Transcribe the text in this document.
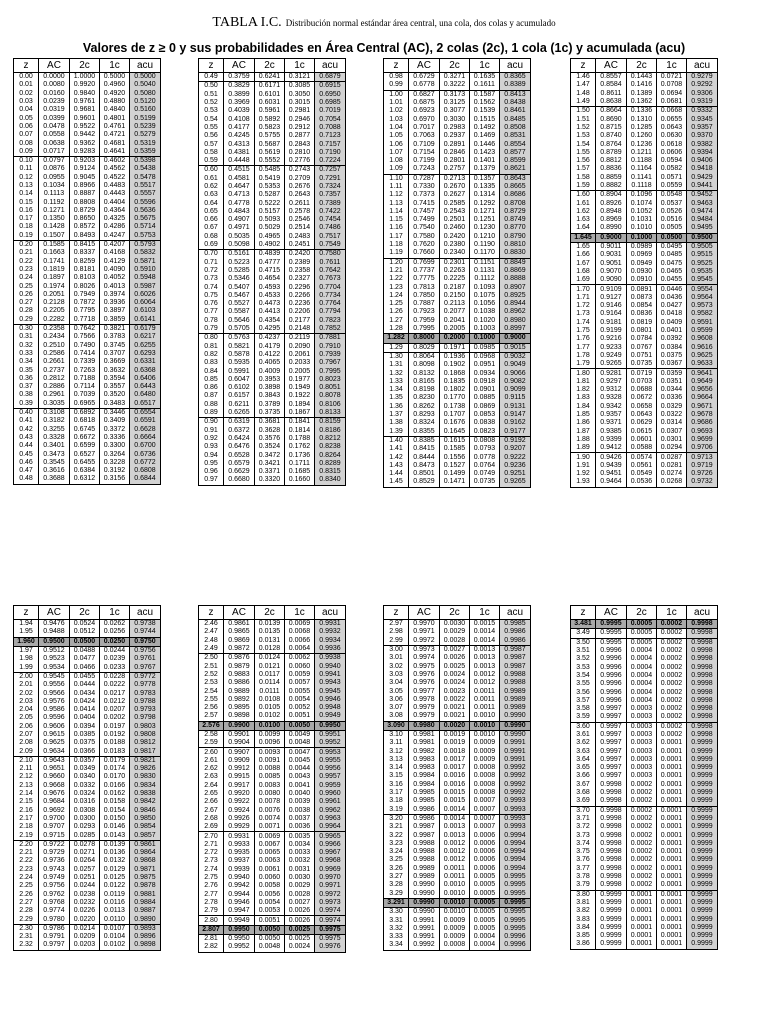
TABLA I.C. Distribución normal estándar área central, una cola, dos colas y acumulado
Valores de z ≥ 0 y sus probabilidades en Área Central (AC), 2 colas (2c), 1 cola (1c) y acumulada (acu)
z	AC	2c	1c	acu
0.00	0.0000	1.0000	0.5000	0.5000
0.01	0.0080	0.9920	0.4960	0.5040
0.02	0.0160	0.9840	0.4920	0.5080
0.03	0.0239	0.9761	0.4880	0.5120
0.04	0.0319	0.9681	0.4840	0.5160
0.05	0.0399	0.9601	0.4801	0.5199
0.06	0.0478	0.9522	0.4761	0.5239
0.07	0.0558	0.9442	0.4721	0.5279
0.08	0.0638	0.9362	0.4681	0.5319
0.09	0.0717	0.9283	0.4641	0.5359
0.10	0.0797	0.9203	0.4602	0.5398
0.11	0.0876	0.9124	0.4562	0.5438
0.12	0.0955	0.9045	0.4522	0.5478
0.13	0.1034	0.8966	0.4483	0.5517
0.14	0.1113	0.8887	0.4443	0.5557
0.15	0.1192	0.8808	0.4404	0.5596
0.16	0.1271	0.8729	0.4364	0.5636
0.17	0.1350	0.8650	0.4325	0.5675
0.18	0.1428	0.8572	0.4286	0.5714
0.19	0.1507	0.8493	0.4247	0.5753
0.20	0.1585	0.8415	0.4207	0.5793
0.21	0.1663	0.8337	0.4168	0.5832
0.22	0.1741	0.8259	0.4129	0.5871
0.23	0.1819	0.8181	0.4090	0.5910
0.24	0.1897	0.8103	0.4052	0.5948
0.25	0.1974	0.8026	0.4013	0.5987
0.26	0.2051	0.7949	0.3974	0.6026
0.27	0.2128	0.7872	0.3936	0.6064
0.28	0.2205	0.7795	0.3897	0.6103
0.29	0.2282	0.7718	0.3859	0.6141
0.30	0.2358	0.7642	0.3821	0.6179
0.31	0.2434	0.7566	0.3783	0.6217
0.32	0.2510	0.7490	0.3745	0.6255
0.33	0.2586	0.7414	0.3707	0.6293
0.34	0.2661	0.7339	0.3669	0.6331
0.35	0.2737	0.7263	0.3632	0.6368
0.36	0.2812	0.7188	0.3594	0.6406
0.37	0.2886	0.7114	0.3557	0.6443
0.38	0.2961	0.7039	0.3520	0.6480
0.39	0.3035	0.6965	0.3483	0.6517
0.40	0.3108	0.6892	0.3446	0.6554
0.41	0.3182	0.6818	0.3409	0.6591
0.42	0.3255	0.6745	0.3372	0.6628
0.43	0.3328	0.6672	0.3336	0.6664
0.44	0.3401	0.6599	0.3300	0.6700
0.45	0.3473	0.6527	0.3264	0.6736
0.46	0.3545	0.6455	0.3228	0.6772
0.47	0.3616	0.6384	0.3192	0.6808
0.48	0.3688	0.6312	0.3156	0.6844
z	AC	2c	1c	acu
0.49	0.3759	0.6241	0.3121	0.6879
0.50	0.3829	0.6171	0.3085	0.6915
0.51	0.3899	0.6101	0.3050	0.6950
0.52	0.3969	0.6031	0.3015	0.6985
0.53	0.4039	0.5961	0.2981	0.7019
0.54	0.4108	0.5892	0.2946	0.7054
0.55	0.4177	0.5823	0.2912	0.7088
0.56	0.4245	0.5755	0.2877	0.7123
0.57	0.4313	0.5687	0.2843	0.7157
0.58	0.4381	0.5619	0.2810	0.7190
0.59	0.4448	0.5552	0.2776	0.7224
0.60	0.4515	0.5485	0.2743	0.7257
0.61	0.4581	0.5419	0.2709	0.7291
0.62	0.4647	0.5353	0.2676	0.7324
0.63	0.4713	0.5287	0.2643	0.7357
0.64	0.4778	0.5222	0.2611	0.7389
0.65	0.4843	0.5157	0.2578	0.7422
0.66	0.4907	0.5093	0.2546	0.7454
0.67	0.4971	0.5029	0.2514	0.7486
0.68	0.5035	0.4965	0.2483	0.7517
0.69	0.5098	0.4902	0.2451	0.7549
0.70	0.5161	0.4839	0.2420	0.7580
0.71	0.5223	0.4777	0.2389	0.7611
0.72	0.5285	0.4715	0.2358	0.7642
0.73	0.5346	0.4654	0.2327	0.7673
0.74	0.5407	0.4593	0.2296	0.7704
0.75	0.5467	0.4533	0.2266	0.7734
0.76	0.5527	0.4473	0.2236	0.7764
0.77	0.5587	0.4413	0.2206	0.7794
0.78	0.5646	0.4354	0.2177	0.7823
0.79	0.5705	0.4295	0.2148	0.7852
0.80	0.5763	0.4237	0.2119	0.7881
0.81	0.5821	0.4179	0.2090	0.7910
0.82	0.5878	0.4122	0.2061	0.7939
0.83	0.5935	0.4065	0.2033	0.7967
0.84	0.5991	0.4009	0.2005	0.7995
0.85	0.6047	0.3953	0.1977	0.8023
0.86	0.6102	0.3898	0.1949	0.8051
0.87	0.6157	0.3843	0.1922	0.8078
0.88	0.6211	0.3789	0.1894	0.8106
0.89	0.6265	0.3735	0.1867	0.8133
0.90	0.6319	0.3681	0.1841	0.8159
0.91	0.6372	0.3628	0.1814	0.8186
0.92	0.6424	0.3576	0.1788	0.8212
0.93	0.6476	0.3524	0.1762	0.8238
0.94	0.6528	0.3472	0.1736	0.8264
0.95	0.6579	0.3421	0.1711	0.8289
0.96	0.6629	0.3371	0.1685	0.8315
0.97	0.6680	0.3320	0.1660	0.8340
z	AC	2c	1c	acu
0.98	0.6729	0.3271	0.1635	0.8365
0.99	0.6778	0.3222	0.1611	0.8389
1.00	0.6827	0.3173	0.1587	0.8413
1.01	0.6875	0.3125	0.1562	0.8438
1.02	0.6923	0.3077	0.1539	0.8461
1.03	0.6970	0.3030	0.1515	0.8485
1.04	0.7017	0.2983	0.1492	0.8508
1.05	0.7063	0.2937	0.1469	0.8531
1.06	0.7109	0.2891	0.1446	0.8554
1.07	0.7154	0.2846	0.1423	0.8577
1.08	0.7199	0.2801	0.1401	0.8599
1.09	0.7243	0.2757	0.1379	0.8621
1.10	0.7287	0.2713	0.1357	0.8643
1.11	0.7330	0.2670	0.1335	0.8665
1.12	0.7373	0.2627	0.1314	0.8686
1.13	0.7415	0.2585	0.1292	0.8708
1.14	0.7457	0.2543	0.1271	0.8729
1.15	0.7499	0.2501	0.1251	0.8749
1.16	0.7540	0.2460	0.1230	0.8770
1.17	0.7580	0.2420	0.1210	0.8790
1.18	0.7620	0.2380	0.1190	0.8810
1.19	0.7660	0.2340	0.1170	0.8830
1.20	0.7699	0.2301	0.1151	0.8849
1.21	0.7737	0.2263	0.1131	0.8869
1.22	0.7775	0.2225	0.1112	0.8888
1.23	0.7813	0.2187	0.1093	0.8907
1.24	0.7850	0.2150	0.1075	0.8925
1.25	0.7887	0.2113	0.1056	0.8944
1.26	0.7923	0.2077	0.1038	0.8962
1.27	0.7959	0.2041	0.1020	0.8980
1.28	0.7995	0.2005	0.1003	0.8997
1.282	0.8000	0.2000	0.1000	0.9000
1.29	0.8029	0.1971	0.0985	0.9015
1.30	0.8064	0.1936	0.0968	0.9032
1.31	0.8098	0.1902	0.0951	0.9049
1.32	0.8132	0.1868	0.0934	0.9066
1.33	0.8165	0.1835	0.0918	0.9082
1.34	0.8198	0.1802	0.0901	0.9099
1.35	0.8230	0.1770	0.0885	0.9115
1.36	0.8262	0.1738	0.0869	0.9131
1.37	0.8293	0.1707	0.0853	0.9147
1.38	0.8324	0.1676	0.0838	0.9162
1.39	0.8355	0.1645	0.0823	0.9177
1.40	0.8385	0.1615	0.0808	0.9192
1.41	0.8415	0.1585	0.0793	0.9207
1.42	0.8444	0.1556	0.0778	0.9222
1.43	0.8473	0.1527	0.0764	0.9236
1.44	0.8501	0.1499	0.0749	0.9251
1.45	0.8529	0.1471	0.0735	0.9265
z	AC	2c	1c	acu
1.46	0.8557	0.1443	0.0721	0.9279
1.47	0.8584	0.1416	0.0708	0.9292
1.48	0.8611	0.1389	0.0694	0.9306
1.49	0.8638	0.1362	0.0681	0.9319
1.50	0.8664	0.1336	0.0668	0.9332
1.51	0.8690	0.1310	0.0655	0.9345
1.52	0.8715	0.1285	0.0643	0.9357
1.53	0.8740	0.1260	0.0630	0.9370
1.54	0.8764	0.1236	0.0618	0.9382
1.55	0.8789	0.1211	0.0606	0.9394
1.56	0.8812	0.1188	0.0594	0.9406
1.57	0.8836	0.1164	0.0582	0.9418
1.58	0.8859	0.1141	0.0571	0.9429
1.59	0.8882	0.1118	0.0559	0.9441
1.60	0.8904	0.1096	0.0548	0.9452
1.61	0.8926	0.1074	0.0537	0.9463
1.62	0.8948	0.1052	0.0526	0.9474
1.63	0.8969	0.1031	0.0516	0.9484
1.64	0.8990	0.1010	0.0505	0.9495
1.645	0.9000	0.1000	0.0500	0.9500
1.65	0.9011	0.0989	0.0495	0.9505
1.66	0.9031	0.0969	0.0485	0.9515
1.67	0.9051	0.0949	0.0475	0.9525
1.68	0.9070	0.0930	0.0465	0.9535
1.69	0.9090	0.0910	0.0455	0.9545
1.70	0.9109	0.0891	0.0446	0.9554
1.71	0.9127	0.0873	0.0436	0.9564
1.72	0.9146	0.0854	0.0427	0.9573
1.73	0.9164	0.0836	0.0418	0.9582
1.74	0.9181	0.0819	0.0409	0.9591
1.75	0.9199	0.0801	0.0401	0.9599
1.76	0.9216	0.0784	0.0392	0.9608
1.77	0.9233	0.0767	0.0384	0.9616
1.78	0.9249	0.0751	0.0375	0.9625
1.79	0.9265	0.0735	0.0367	0.9633
1.80	0.9281	0.0719	0.0359	0.9641
1.81	0.9297	0.0703	0.0351	0.9649
1.82	0.9312	0.0688	0.0344	0.9656
1.83	0.9328	0.0672	0.0336	0.9664
1.84	0.9342	0.0658	0.0329	0.9671
1.85	0.9357	0.0643	0.0322	0.9678
1.86	0.9371	0.0629	0.0314	0.9686
1.87	0.9385	0.0615	0.0307	0.9693
1.88	0.9399	0.0601	0.0301	0.9699
1.89	0.9412	0.0588	0.0294	0.9706
1.90	0.9426	0.0574	0.0287	0.9713
1.91	0.9439	0.0561	0.0281	0.9719
1.92	0.9451	0.0549	0.0274	0.9726
1.93	0.9464	0.0536	0.0268	0.9732
z	AC	2c	1c	acu
1.94	0.9476	0.0524	0.0262	0.9738
1.95	0.9488	0.0512	0.0256	0.9744
1.960	0.9500	0.0500	0.0250	0.9750
1.97	0.9512	0.0488	0.0244	0.9756
1.98	0.9523	0.0477	0.0239	0.9761
1.99	0.9534	0.0466	0.0233	0.9767
2.00	0.9545	0.0455	0.0228	0.9772
2.01	0.9556	0.0444	0.0222	0.9778
2.02	0.9566	0.0434	0.0217	0.9783
2.03	0.9576	0.0424	0.0212	0.9788
2.04	0.9586	0.0414	0.0207	0.9793
2.05	0.9596	0.0404	0.0202	0.9798
2.06	0.9606	0.0394	0.0197	0.9803
2.07	0.9615	0.0385	0.0192	0.9808
2.08	0.9625	0.0375	0.0188	0.9812
2.09	0.9634	0.0366	0.0183	0.9817
2.10	0.9643	0.0357	0.0179	0.9821
2.11	0.9651	0.0349	0.0174	0.9826
2.12	0.9660	0.0340	0.0170	0.9830
2.13	0.9668	0.0332	0.0166	0.9834
2.14	0.9676	0.0324	0.0162	0.9838
2.15	0.9684	0.0316	0.0158	0.9842
2.16	0.9692	0.0308	0.0154	0.9846
2.17	0.9700	0.0300	0.0150	0.9850
2.18	0.9707	0.0293	0.0146	0.9854
2.19	0.9715	0.0285	0.0143	0.9857
2.20	0.9722	0.0278	0.0139	0.9861
2.21	0.9729	0.0271	0.0136	0.9864
2.22	0.9736	0.0264	0.0132	0.9868
2.23	0.9743	0.0257	0.0129	0.9871
2.24	0.9749	0.0251	0.0125	0.9875
2.25	0.9756	0.0244	0.0122	0.9878
2.26	0.9762	0.0238	0.0119	0.9881
2.27	0.9768	0.0232	0.0116	0.9884
2.28	0.9774	0.0226	0.0113	0.9887
2.29	0.9780	0.0220	0.0110	0.9890
2.30	0.9786	0.0214	0.0107	0.9893
2.31	0.9791	0.0209	0.0104	0.9896
2.32	0.9797	0.0203	0.0102	0.9898
z	AC	2c	1c	acu
2.46	0.9861	0.0139	0.0069	0.9931
2.47	0.9865	0.0135	0.0068	0.9932
2.48	0.9869	0.0131	0.0066	0.9934
2.49	0.9872	0.0128	0.0064	0.9936
2.50	0.9876	0.0124	0.0062	0.9938
2.51	0.9879	0.0121	0.0060	0.9940
2.52	0.9883	0.0117	0.0059	0.9941
2.53	0.9886	0.0114	0.0057	0.9943
2.54	0.9889	0.0111	0.0055	0.9945
2.55	0.9892	0.0108	0.0054	0.9946
2.56	0.9895	0.0105	0.0052	0.9948
2.57	0.9898	0.0102	0.0051	0.9949
2.576	0.9900	0.0100	0.0050	0.9950
2.58	0.9901	0.0099	0.0049	0.9951
2.59	0.9904	0.0096	0.0048	0.9952
2.60	0.9907	0.0093	0.0047	0.9953
2.61	0.9909	0.0091	0.0045	0.9955
2.62	0.9912	0.0088	0.0044	0.9956
2.63	0.9915	0.0085	0.0043	0.9957
2.64	0.9917	0.0083	0.0041	0.9959
2.65	0.9920	0.0080	0.0040	0.9960
2.66	0.9922	0.0078	0.0039	0.9961
2.67	0.9924	0.0076	0.0038	0.9962
2.68	0.9926	0.0074	0.0037	0.9963
2.69	0.9929	0.0071	0.0036	0.9964
2.70	0.9931	0.0069	0.0035	0.9965
2.71	0.9933	0.0067	0.0034	0.9966
2.72	0.9935	0.0065	0.0033	0.9967
2.73	0.9937	0.0063	0.0032	0.9968
2.74	0.9939	0.0061	0.0031	0.9969
2.75	0.9940	0.0060	0.0030	0.9970
2.76	0.9942	0.0058	0.0029	0.9971
2.77	0.9944	0.0056	0.0028	0.9972
2.78	0.9946	0.0054	0.0027	0.9973
2.79	0.9947	0.0053	0.0026	0.9974
2.80	0.9949	0.0051	0.0026	0.9974
2.807	0.9950	0.0050	0.0025	0.9975
2.81	0.9950	0.0050	0.0025	0.9975
2.82	0.9952	0.0048	0.0024	0.9976
z	AC	2c	1c	acu
2.97	0.9970	0.0030	0.0015	0.9985
2.98	0.9971	0.0029	0.0014	0.9986
2.99	0.9972	0.0028	0.0014	0.9986
3.00	0.9973	0.0027	0.0013	0.9987
3.01	0.9974	0.0026	0.0013	0.9987
3.02	0.9975	0.0025	0.0013	0.9987
3.03	0.9976	0.0024	0.0012	0.9988
3.04	0.9976	0.0024	0.0012	0.9988
3.05	0.9977	0.0023	0.0011	0.9989
3.06	0.9978	0.0022	0.0011	0.9989
3.07	0.9979	0.0021	0.0011	0.9989
3.08	0.9979	0.0021	0.0010	0.9990
3.090	0.9980	0.0020	0.0010	0.9990
3.10	0.9981	0.0019	0.0010	0.9990
3.11	0.9981	0.0019	0.0009	0.9991
3.12	0.9982	0.0018	0.0009	0.9991
3.13	0.9983	0.0017	0.0009	0.9991
3.14	0.9983	0.0017	0.0008	0.9992
3.15	0.9984	0.0016	0.0008	0.9992
3.16	0.9984	0.0016	0.0008	0.9992
3.17	0.9985	0.0015	0.0008	0.9992
3.18	0.9985	0.0015	0.0007	0.9993
3.19	0.9986	0.0014	0.0007	0.9993
3.20	0.9986	0.0014	0.0007	0.9993
3.21	0.9987	0.0013	0.0007	0.9993
3.22	0.9987	0.0013	0.0006	0.9994
3.23	0.9988	0.0012	0.0006	0.9994
3.24	0.9988	0.0012	0.0006	0.9994
3.25	0.9988	0.0012	0.0006	0.9994
3.26	0.9989	0.0011	0.0006	0.9994
3.27	0.9989	0.0011	0.0005	0.9995
3.28	0.9990	0.0010	0.0005	0.9995
3.29	0.9990	0.0010	0.0005	0.9995
3.291	0.9990	0.0010	0.0005	0.9995
3.30	0.9990	0.0010	0.0005	0.9995
3.31	0.9991	0.0009	0.0005	0.9995
3.32	0.9991	0.0009	0.0005	0.9995
3.33	0.9991	0.0009	0.0004	0.9996
3.34	0.9992	0.0008	0.0004	0.9996
z	AC	2c	1c	acu
3.481	0.9995	0.0005	0.0002	0.9998
3.49	0.9995	0.0005	0.0002	0.9998
3.50	0.9995	0.0005	0.0002	0.9998
3.51	0.9996	0.0004	0.0002	0.9998
3.52	0.9996	0.0004	0.0002	0.9998
3.53	0.9996	0.0004	0.0002	0.9998
3.54	0.9996	0.0004	0.0002	0.9998
3.55	0.9996	0.0004	0.0002	0.9998
3.56	0.9996	0.0004	0.0002	0.9998
3.57	0.9996	0.0004	0.0002	0.9998
3.58	0.9997	0.0003	0.0002	0.9998
3.59	0.9997	0.0003	0.0002	0.9998
3.60	0.9997	0.0003	0.0002	0.9998
3.61	0.9997	0.0003	0.0002	0.9998
3.62	0.9997	0.0003	0.0001	0.9999
3.63	0.9997	0.0003	0.0001	0.9999
3.64	0.9997	0.0003	0.0001	0.9999
3.65	0.9997	0.0003	0.0001	0.9999
3.66	0.9997	0.0003	0.0001	0.9999
3.67	0.9998	0.0002	0.0001	0.9999
3.68	0.9998	0.0002	0.0001	0.9999
3.69	0.9998	0.0002	0.0001	0.9999
3.70	0.9998	0.0002	0.0001	0.9999
3.71	0.9998	0.0002	0.0001	0.9999
3.72	0.9998	0.0002	0.0001	0.9999
3.73	0.9998	0.0002	0.0001	0.9999
3.74	0.9998	0.0002	0.0001	0.9999
3.75	0.9998	0.0002	0.0001	0.9999
3.76	0.9998	0.0002	0.0001	0.9999
3.77	0.9998	0.0002	0.0001	0.9999
3.78	0.9998	0.0002	0.0001	0.9999
3.79	0.9998	0.0002	0.0001	0.9999
3.80	0.9999	0.0001	0.0001	0.9999
3.81	0.9999	0.0001	0.0001	0.9999
3.82	0.9999	0.0001	0.0001	0.9999
3.83	0.9999	0.0001	0.0001	0.9999
3.84	0.9999	0.0001	0.0001	0.9999
3.85	0.9999	0.0001	0.0001	0.9999
3.86	0.9999	0.0001	0.0001	0.9999
